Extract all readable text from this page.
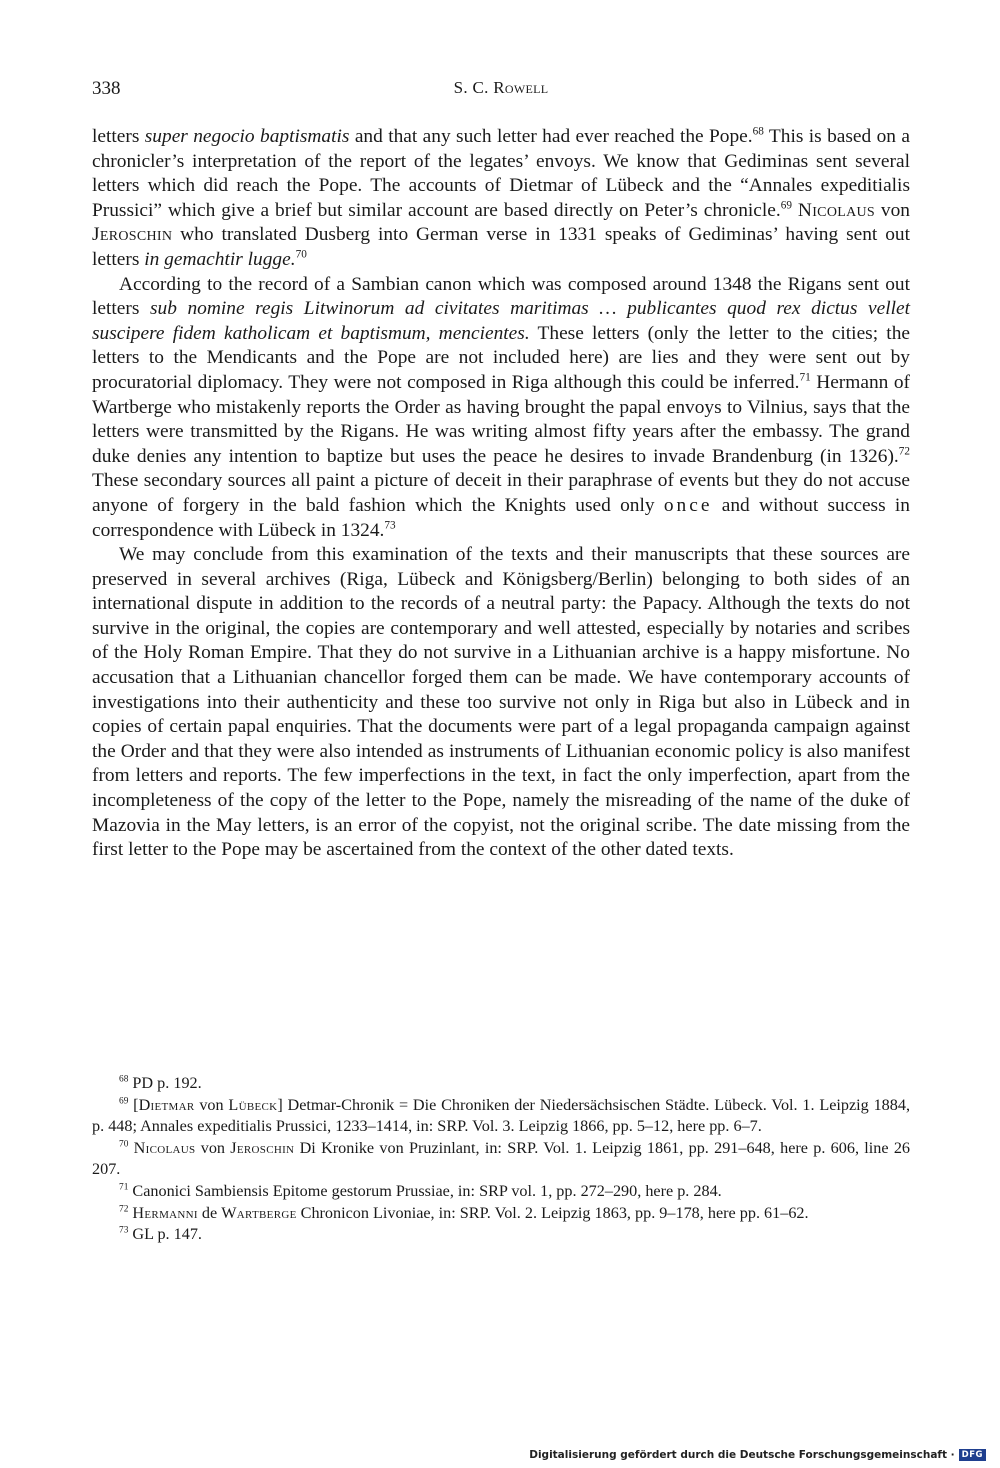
338	S. C. Rowell

letters super negocio baptismatis and that any such letter had ever reached the Pope.$^{68}$ This is based on a chronicler’s interpretation of the report of the legates’ envoys. We know that Gediminas sent several letters which did reach the Pope. The accounts of Dietmar of Lübeck and the “Annales expeditialis Prussici” which give a brief but similar account are based directly on Peter’s chronicle.$^{69}$ Nicolaus von Jeroschin who translated Dusberg into German verse in 1331 speaks of Gediminas’ having sent out letters in gemachtir lugge.$^{70}$

According to the record of a Sambian canon which was composed around 1348 the Rigans sent out letters sub nomine regis Litwinorum ad civitates maritimas … publicantes quod rex dictus vellet suscipere fidem katholicam et baptismum, mencientes. These letters (only the letter to the cities; the letters to the Mendicants and the Pope are not included here) are lies and they were sent out by procuratorial diplomacy. They were not composed in Riga although this could be inferred.$^{71}$ Hermann of Wartberge who mistakenly reports the Order as having brought the papal envoys to Vilnius, says that the letters were transmitted by the Rigans. He was writing almost fifty years after the embassy. The grand duke denies any intention to baptize but uses the peace he desires to invade Brandenburg (in 1326).$^{72}$ These secondary sources all paint a picture of deceit in their paraphrase of events but they do not accuse anyone of forgery in the bald fashion which the Knights used only once and without success in correspondence with Lübeck in 1324.73

We may conclude from this examination of the texts and their manuscripts that these sources are preserved in several archives (Riga, Lübeck and Königsberg/Berlin) belonging to both sides of an international dispute in addition to the records of a neutral party: the Papacy. Although the texts do not survive in the original, the copies are contemporary and well attested, especially by notaries and scribes of the Holy Roman Empire. That they do not survive in a Lithuanian archive is a happy misfortune. No accusation that a Lithuanian chancellor forged them can be made. We have contemporary accounts of investigations into their authenticity and these too survive not only in Riga but also in Lübeck and in copies of certain papal enquiries. That the documents were part of a legal propaganda campaign against the Order and that they were also intended as instruments of Lithuanian economic policy is also manifest from letters and reports. The few imperfections in the text, in fact the only imperfection, apart from the incompleteness of the copy of the letter to the Pope, namely the misreading of the name of the duke of Mazovia in the May letters, is an error of the copyist, not the original scribe. The date missing from the first letter to the Pope may be ascertained from the context of the other dated texts.

$^{68}$ PD p. 192.

$^{69}$ [Dietmar von Lübeck] Detmar-Chronik = Die Chroniken der Niedersächsischen Städte. Lübeck. Vol. 1. Leipzig 1884, p. 448; Annales expeditialis Prussici, 1233–1414, in: SRP. Vol. 3. Leipzig 1866, pp. 5–12, here pp. 6–7.

$^{70}$ Nicolaus von Jeroschin Di Kronike von Pruzinlant, in: SRP. Vol. 1. Leipzig 1861, pp. 291–648, here p. 606, line 26 207.

$^{71}$ Canonici Sambiensis Epitome gestorum Prussiae, in: SRP vol. 1, pp. 272–290, here p. 284.

$^{72}$ Hermanni de Wartberge Chronicon Livoniae, in: SRP. Vol. 2. Leipzig 1863, pp. 9–178, here pp. 61–62.

$^{73}$ GL p. 147.

Digitalisierung gefördert durch die Deutsche Forschungsgemeinschaft · DFG
